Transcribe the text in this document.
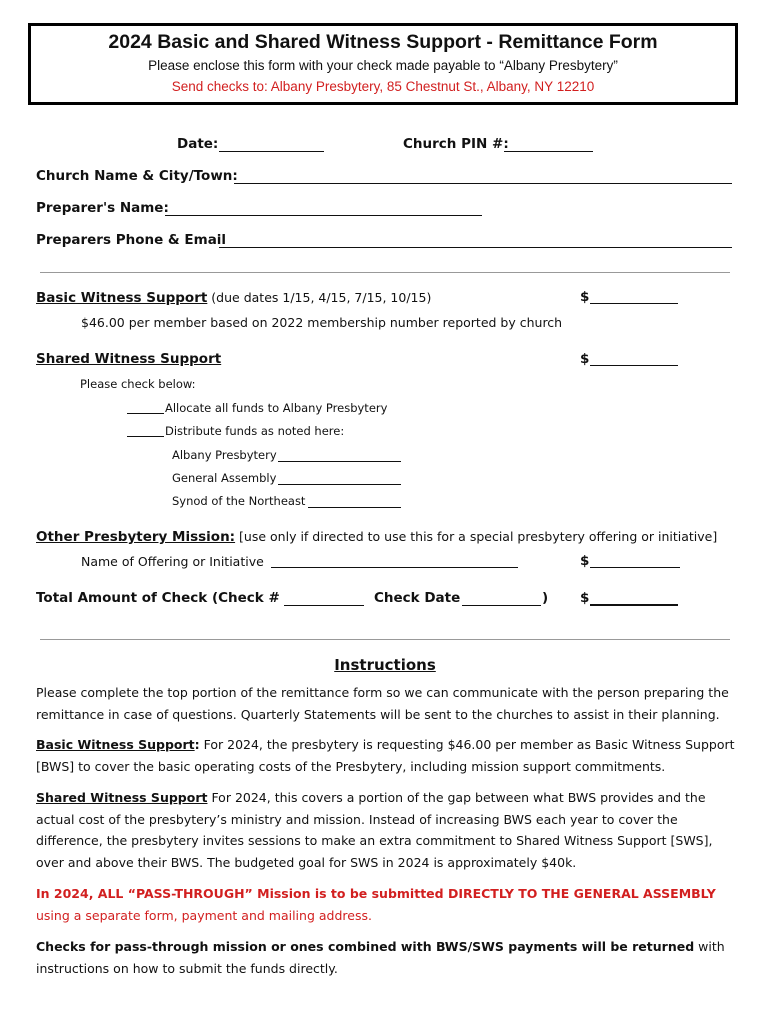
2024 Basic and Shared Witness Support - Remittance Form
Please enclose this form with your check made payable to “Albany Presbytery”
Send checks to: Albany Presbytery, 85 Chestnut St., Albany, NY 12210
Date:	Church PIN #:
Church Name & City/Town:
Preparer's Name:
Preparers Phone & Email
Basic Witness Support (due dates 1/15, 4/15, 7/15, 10/15)	$
$46.00 per member based on 2022 membership number reported by church
Shared Witness Support	$
Please check below:
Allocate all funds to Albany Presbytery
Distribute funds as noted here:
Albany Presbytery
General Assembly
Synod of the Northeast
Other Presbytery Mission: [use only if directed to use this for a special presbytery offering or initiative]
Name of Offering or Initiative	$
Total Amount of Check (Check #	Check Date	) $
Instructions
Please complete the top portion of the remittance form so we can communicate with the person preparing the remittance in case of questions. Quarterly Statements will be sent to the churches to assist in their planning.
Basic Witness Support: For 2024, the presbytery is requesting $46.00 per member as Basic Witness Support [BWS] to cover the basic operating costs of the Presbytery, including mission support commitments.
Shared Witness Support For 2024, this covers a portion of the gap between what BWS provides and the actual cost of the presbytery’s ministry and mission. Instead of increasing BWS each year to cover the difference, the presbytery invites sessions to make an extra commitment to Shared Witness Support [SWS], over and above their BWS. The budgeted goal for SWS in 2024 is approximately $40k.
In 2024, ALL “PASS-THROUGH” Mission is to be submitted DIRECTLY TO THE GENERAL ASSEMBLY using a separate form, payment and mailing address.
Checks for pass-through mission or ones combined with BWS/SWS payments will be returned with instructions on how to submit the funds directly.
